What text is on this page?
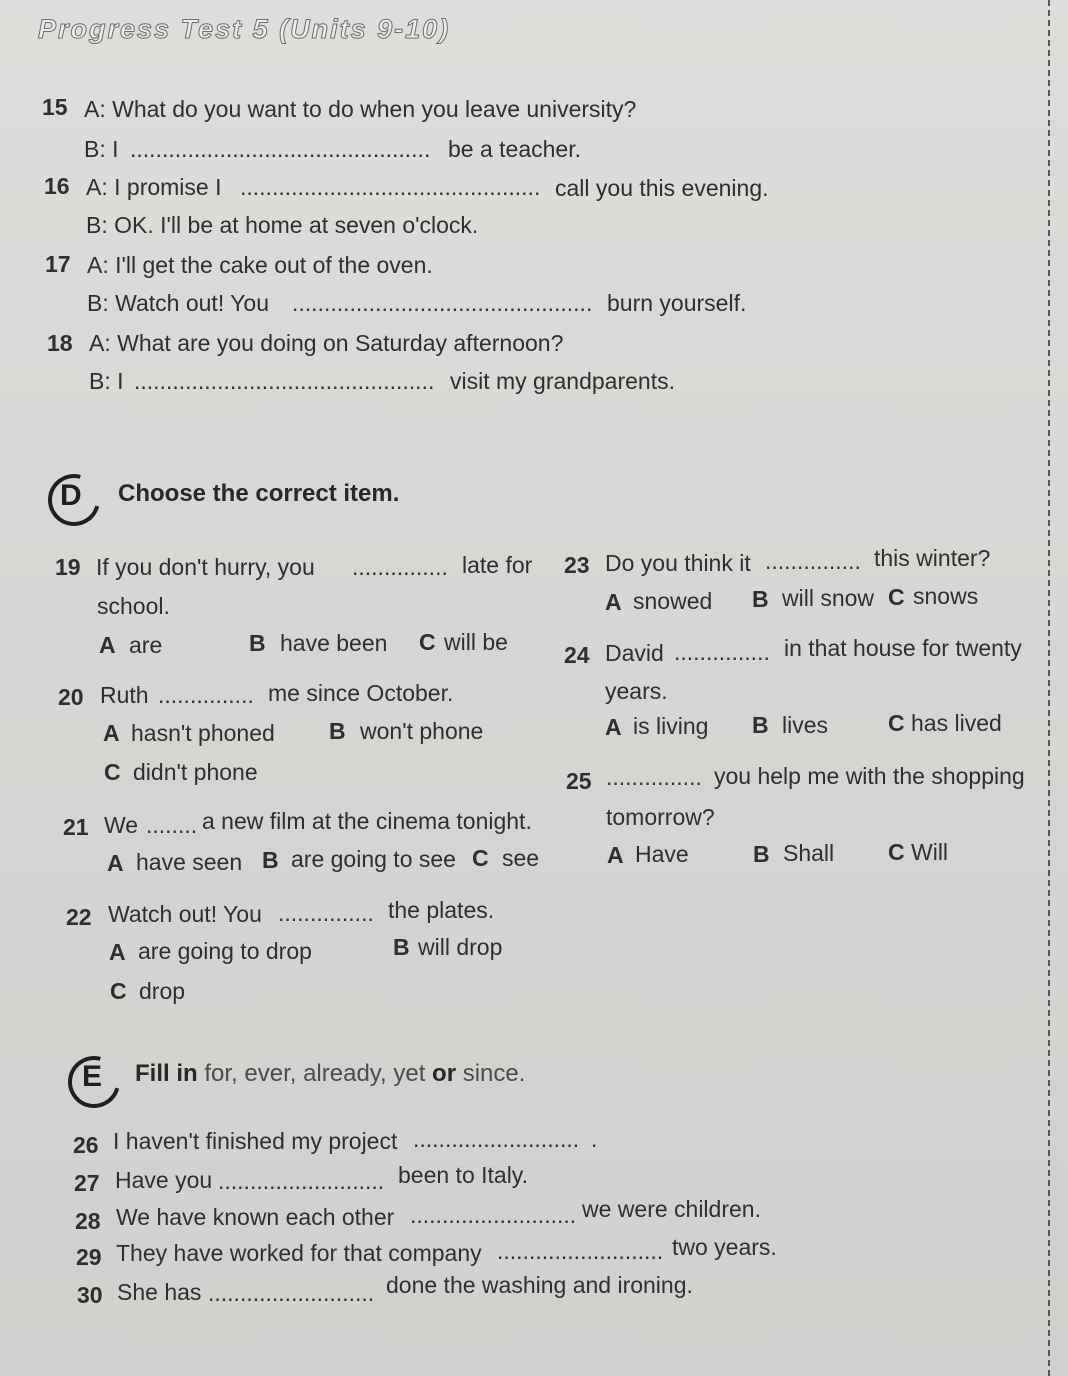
Progress Test 5 (Units 9-10)
15 A: What do you want to do when you leave university?
B: I ............................................... be a teacher.
16 A: I promise I ............................................... call you this evening.
B: OK. I'll be at home at seven o'clock.
17 A: I'll get the cake out of the oven.
B: Watch out! You ............................................... burn yourself.
18 A: What are you doing on Saturday afternoon?
B: I ............................................... visit my grandparents.
D Choose the correct item.
19 If you don't hurry, you ............... late for
school.
A are	B have been C will be
20 Ruth ............... me since October.
A hasn't phoned B won't phone
C didn't phone
21 We ........ a new film at the cinema tonight.
A have seen B are going to see C see
22 Watch out! You ............... the plates.
A are going to drop	B will drop
C drop
23 Do you think it ............... this winter?
A snowed B will snow C snows
24 David ............... in that house for twenty
years.
A is living B lives	C has lived
25 ............... you help me with the shopping
tomorrow?
A Have	B Shall C Will
E Fill in for, ever, already, yet or since.
26 I haven't finished my project .......................... .
27 Have you .......................... been to Italy.
28 We have known each other .......................... we were children.
29 They have worked for that company .......................... two years.
30 She has .......................... done the washing and ironing.
